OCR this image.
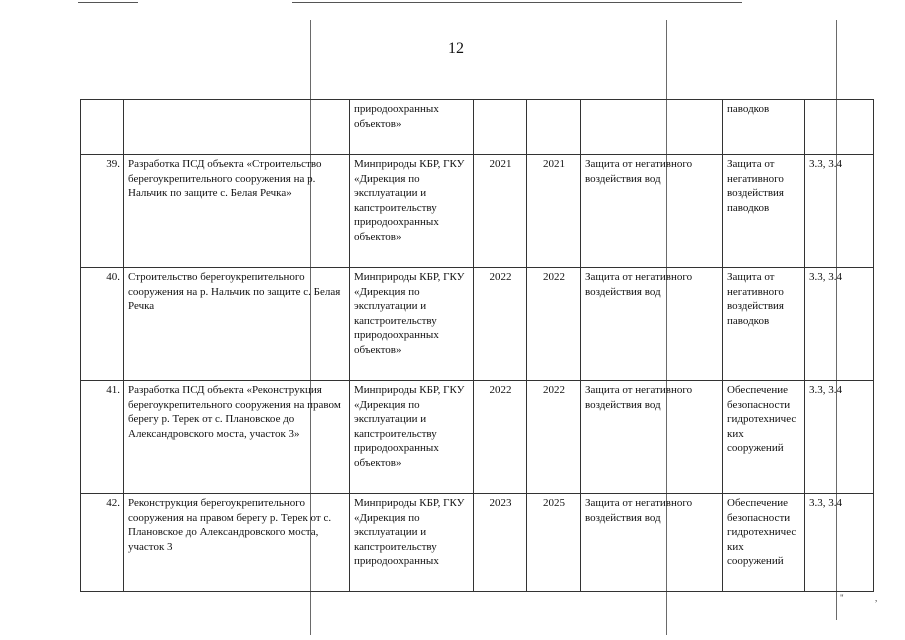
"	,
12
		природоохранных объектов»				паводков	
39.	Разработка ПСД объекта «Строительство берегоукрепительного сооружения на р. Нальчик по защите с. Белая Речка»	Минприроды КБР, ГКУ «Дирекция по эксплуатации и капстроительству природоохранных объектов»	2021	2021	Защита от негативного воздействия вод	Защита от негативного воздействия паводков	3.3, 3.4
40.	Строительство берегоукрепительного сооружения на р. Нальчик по защите с. Белая Речка	Минприроды КБР, ГКУ «Дирекция по эксплуатации и капстроительству природоохранных объектов»	2022	2022	Защита от негативного воздействия вод	Защита от негативного воздействия паводков	3.3, 3.4
41.	Разработка ПСД объекта «Реконструкция берегоукрепительного сооружения на правом берегу р. Терек от с. Плановское до Александровского моста, участок 3»	Минприроды КБР, ГКУ «Дирекция по эксплуатации и капстроительству природоохранных объектов»	2022	2022	Защита от негативного воздействия вод	Обеспечение безопасности гидротехничес ких сооружений	3.3, 3.4
42.	Реконструкция берегоукрепительного сооружения на правом берегу р. Терек от с. Плановское до Александровского моста, участок 3	Минприроды КБР, ГКУ «Дирекция по эксплуатации и капстроительству природоохранных	2023	2025	Защита от негативного воздействия вод	Обеспечение безопасности гидротехничес ких сооружений	3.3, 3.4
